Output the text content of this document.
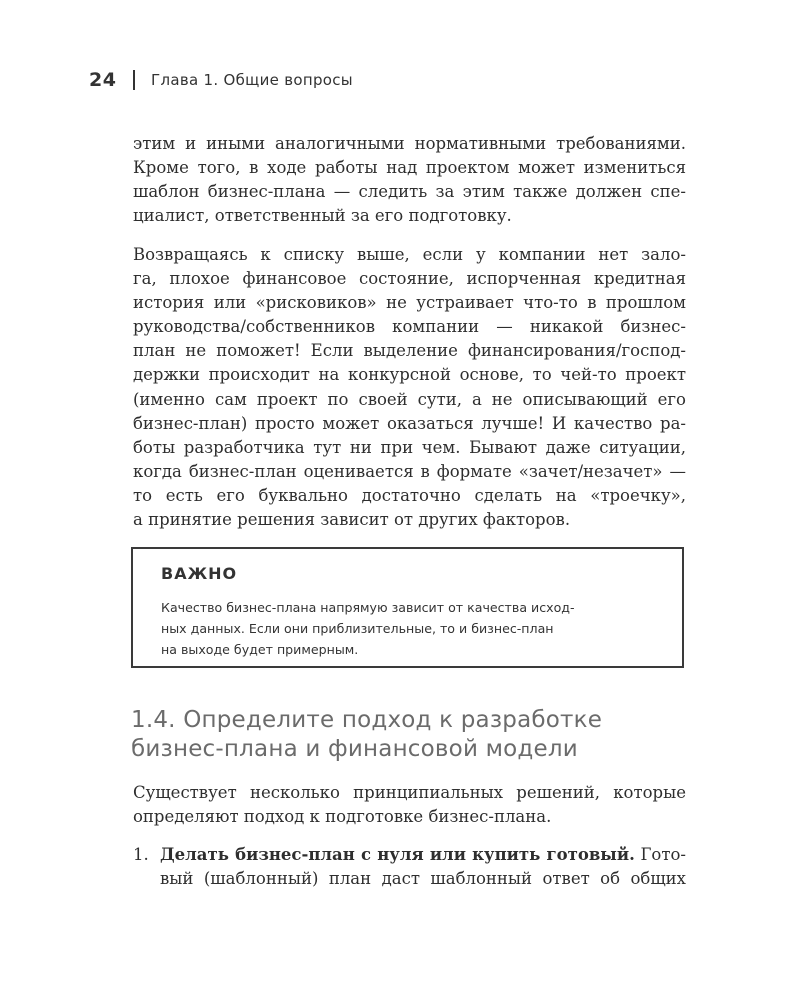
24	Глава 1. Общие вопросы

этим и иными аналогичными нормативными требованиями.

Кроме того, в ходе работы над проектом может измениться

шаблон бизнес-плана — следить за этим также должен спе-

циалист, ответственный за его подготовку.

Возвращаясь к списку выше, если у компании нет зало-

га, плохое финансовое состояние, испорченная кредитная

история или «рисковиков» не устраивает что-то в прошлом

руководства/собственников компании — никакой бизнес-

план не поможет! Если выделение финансирования/господ-

держки происходит на конкурсной основе, то чей-то проект

(именно сам проект по своей сути, а не описывающий его

бизнес-план) просто может оказаться лучше! И качество ра-

боты разработчика тут ни при чем. Бывают даже ситуации,

когда бизнес-план оценивается в формате «зачет/незачет» —

то есть его буквально достаточно сделать на «троечку»,

а принятие решения зависит от других факторов.

ВАЖНО

Качество бизнес-плана напрямую зависит от качества исход-

ных данных. Если они приблизительные, то и бизнес-план

на выходе будет примерным.

1.4. Определите подход к разработке
бизнес-плана и финансовой модели

Существует несколько принципиальных решений, которые

определяют подход к подготовке бизнес-плана.

1. Делать бизнес-план с нуля или купить готовый. Гото-

вый (шаблонный) план даст шаблонный ответ об общих
